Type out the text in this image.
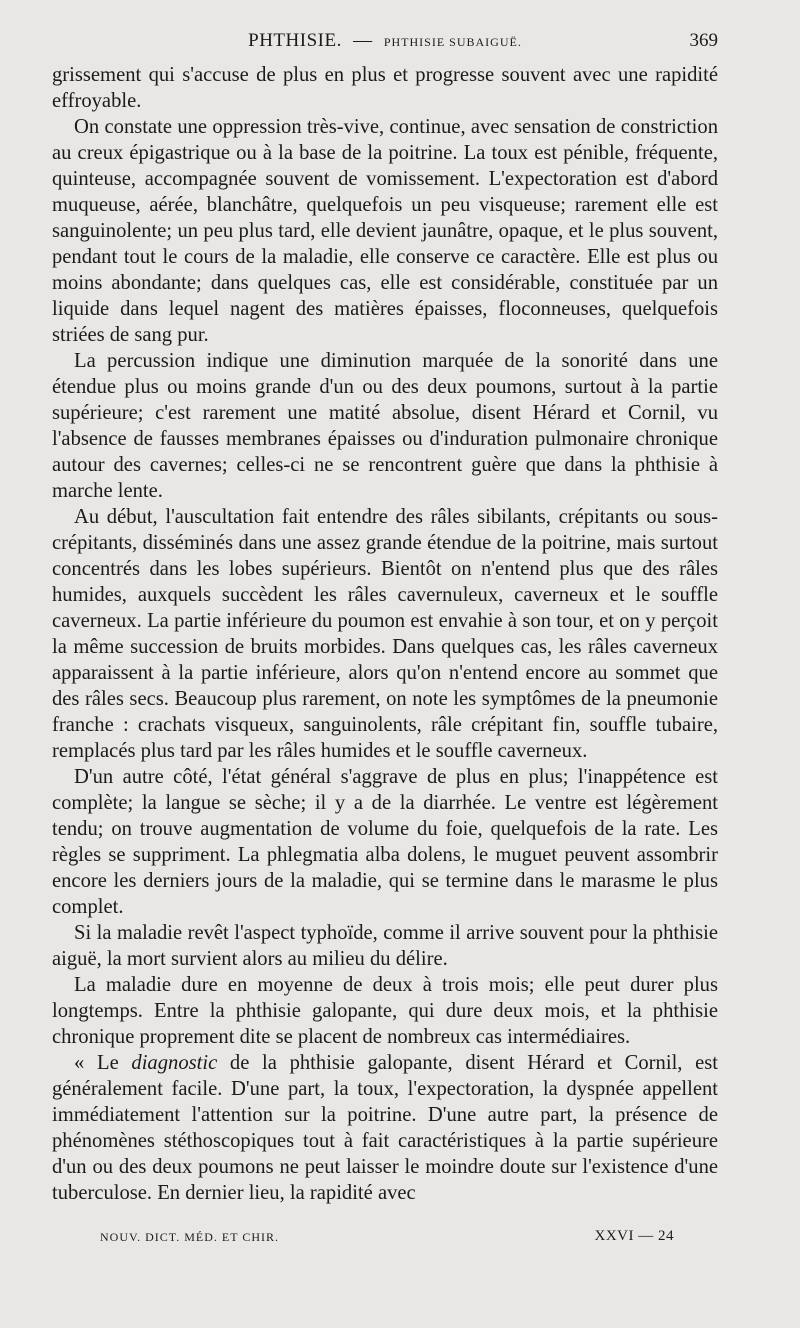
PHTHISIE. — PHTHISIE SUBAIGUË.	369

grissement qui s'accuse de plus en plus et progresse souvent avec une rapidité effroyable.

On constate une oppression très-vive, continue, avec sensation de constriction au creux épigastrique ou à la base de la poitrine. La toux est pénible, fréquente, quinteuse, accompagnée souvent de vomissement. L'expectoration est d'abord muqueuse, aérée, blanchâtre, quelquefois un peu visqueuse; rarement elle est sanguinolente; un peu plus tard, elle devient jaunâtre, opaque, et le plus souvent, pendant tout le cours de la maladie, elle conserve ce caractère. Elle est plus ou moins abondante; dans quelques cas, elle est considérable, constituée par un liquide dans lequel nagent des matières épaisses, floconneuses, quelquefois striées de sang pur.

La percussion indique une diminution marquée de la sonorité dans une étendue plus ou moins grande d'un ou des deux poumons, surtout à la partie supérieure; c'est rarement une matité absolue, disent Hérard et Cornil, vu l'absence de fausses membranes épaisses ou d'induration pulmonaire chronique autour des cavernes; celles-ci ne se rencontrent guère que dans la phthisie à marche lente.

Au début, l'auscultation fait entendre des râles sibilants, crépitants ou sous-crépitants, disséminés dans une assez grande étendue de la poitrine, mais surtout concentrés dans les lobes supérieurs. Bientôt on n'entend plus que des râles humides, auxquels succèdent les râles cavernuleux, caverneux et le souffle caverneux. La partie inférieure du poumon est envahie à son tour, et on y perçoit la même succession de bruits morbides. Dans quelques cas, les râles caverneux apparaissent à la partie inférieure, alors qu'on n'entend encore au sommet que des râles secs. Beaucoup plus rarement, on note les symptômes de la pneumonie franche : crachats visqueux, sanguinolents, râle crépitant fin, souffle tubaire, remplacés plus tard par les râles humides et le souffle caverneux.

D'un autre côté, l'état général s'aggrave de plus en plus; l'inappétence est complète; la langue se sèche; il y a de la diarrhée. Le ventre est légèrement tendu; on trouve augmentation de volume du foie, quelquefois de la rate. Les règles se suppriment. La phlegmatia alba dolens, le muguet peuvent assombrir encore les derniers jours de la maladie, qui se termine dans le marasme le plus complet.

Si la maladie revêt l'aspect typhoïde, comme il arrive souvent pour la phthisie aiguë, la mort survient alors au milieu du délire.

La maladie dure en moyenne de deux à trois mois; elle peut durer plus longtemps. Entre la phthisie galopante, qui dure deux mois, et la phthisie chronique proprement dite se placent de nombreux cas intermédiaires.

« Le diagnostic de la phthisie galopante, disent Hérard et Cornil, est généralement facile. D'une part, la toux, l'expectoration, la dyspnée appellent immédiatement l'attention sur la poitrine. D'une autre part, la présence de phénomènes stéthoscopiques tout à fait caractéristiques à la partie supérieure d'un ou des deux poumons ne peut laisser le moindre doute sur l'existence d'une tuberculose. En dernier lieu, la rapidité avec

NOUV. DICT. MÉD. ET CHIR.	XXVI — 24
